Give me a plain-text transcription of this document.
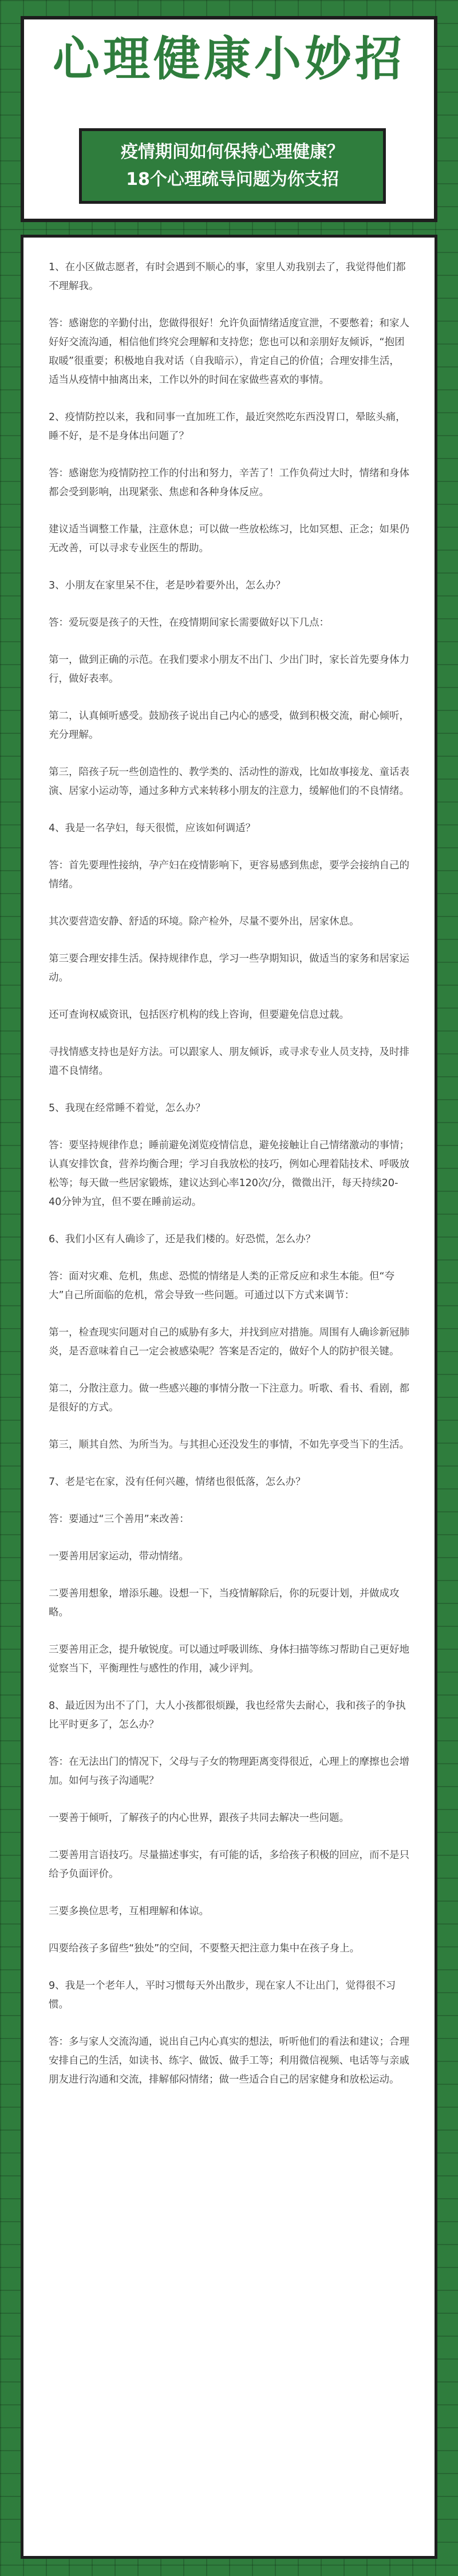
心理健康小妙招
疫情期间如何保持心理健康？
18个心理疏导问题为你支招

1、在小区做志愿者，有时会遇到不顺心的事，家里人劝我别去了，我觉得他们都不理解我。

答：感谢您的辛勤付出，您做得很好！允许负面情绪适度宣泄，不要憋着；和家人好好交流沟通，相信他们终究会理解和支持您；您也可以和亲朋好友倾诉，“抱团取暖”很重要；积极地自我对话（自我暗示），肯定自己的价值；合理安排生活，适当从疫情中抽离出来，工作以外的时间在家做些喜欢的事情。

2、疫情防控以来，我和同事一直加班工作，最近突然吃东西没胃口，晕眩头痛，睡不好，是不是身体出问题了？

答：感谢您为疫情防控工作的付出和努力，辛苦了！工作负荷过大时，情绪和身体都会受到影响，出现紧张、焦虑和各种身体反应。

建议适当调整工作量，注意休息；可以做一些放松练习，比如冥想、正念；如果仍无改善，可以寻求专业医生的帮助。

3、小朋友在家里呆不住，老是吵着要外出，怎么办？

答：爱玩耍是孩子的天性，在疫情期间家长需要做好以下几点：

第一，做到正确的示范。在我们要求小朋友不出门、少出门时，家长首先要身体力行，做好表率。

第二，认真倾听感受。鼓励孩子说出自己内心的感受，做到积极交流，耐心倾听，充分理解。

第三，陪孩子玩一些创造性的、教学类的、活动性的游戏，比如故事接龙、童话表演、居家小运动等，通过多种方式来转移小朋友的注意力，缓解他们的不良情绪。

4、我是一名孕妇，每天很慌，应该如何调适？

答：首先要理性接纳，孕产妇在疫情影响下，更容易感到焦虑，要学会接纳自己的情绪。

其次要营造安静、舒适的环境。除产检外，尽量不要外出，居家休息。

第三要合理安排生活。保持规律作息，学习一些孕期知识，做适当的家务和居家运动。

还可查询权威资讯，包括医疗机构的线上咨询，但要避免信息过载。

寻找情感支持也是好方法。可以跟家人、朋友倾诉，或寻求专业人员支持，及时排遣不良情绪。

5、我现在经常睡不着觉，怎么办？

答：要坚持规律作息；睡前避免浏览疫情信息，避免接触让自己情绪激动的事情；认真安排饮食，营养均衡合理；学习自我放松的技巧，例如心理着陆技术、呼吸放松等；每天做一些居家锻炼，建议达到心率120次/分，微微出汗，每天持续20-40分钟为宜，但不要在睡前运动。

6、我们小区有人确诊了，还是我们楼的。好恐慌，怎么办？

答：面对灾难、危机，焦虑、恐慌的情绪是人类的正常反应和求生本能。但“夸大”自己所面临的危机，常会导致一些问题。可通过以下方式来调节：

第一，检查现实问题对自己的威胁有多大，并找到应对措施。周围有人确诊新冠肺炎，是否意味着自己一定会被感染呢？答案是否定的，做好个人的防护很关键。

第二，分散注意力。做一些感兴趣的事情分散一下注意力。听歌、看书、看剧，都是很好的方式。

第三，顺其自然、为所当为。与其担心还没发生的事情，不如先享受当下的生活。

7、老是宅在家，没有任何兴趣，情绪也很低落，怎么办？

答：要通过“三个善用”来改善：

一要善用居家运动，带动情绪。

二要善用想象，增添乐趣。设想一下，当疫情解除后，你的玩耍计划，并做成攻略。

三要善用正念，提升敏锐度。可以通过呼吸训练、身体扫描等练习帮助自己更好地觉察当下，平衡理性与感性的作用，减少评判。

8、最近因为出不了门，大人小孩都很烦躁，我也经常失去耐心，我和孩子的争执比平时更多了，怎么办？

答：在无法出门的情况下，父母与子女的物理距离变得很近，心理上的摩擦也会增加。如何与孩子沟通呢？

一要善于倾听，了解孩子的内心世界，跟孩子共同去解决一些问题。

二要善用言语技巧。尽量描述事实，有可能的话，多给孩子积极的回应，而不是只给予负面评价。

三要多换位思考，互相理解和体谅。

四要给孩子多留些“独处”的空间，不要整天把注意力集中在孩子身上。

9、我是一个老年人，平时习惯每天外出散步，现在家人不让出门，觉得很不习惯。

答：多与家人交流沟通，说出自己内心真实的想法，听听他们的看法和建议；合理安排自己的生活，如读书、练字、做饭、做手工等；利用微信视频、电话等与亲戚朋友进行沟通和交流，排解郁闷情绪；做一些适合自己的居家健身和放松运动。
